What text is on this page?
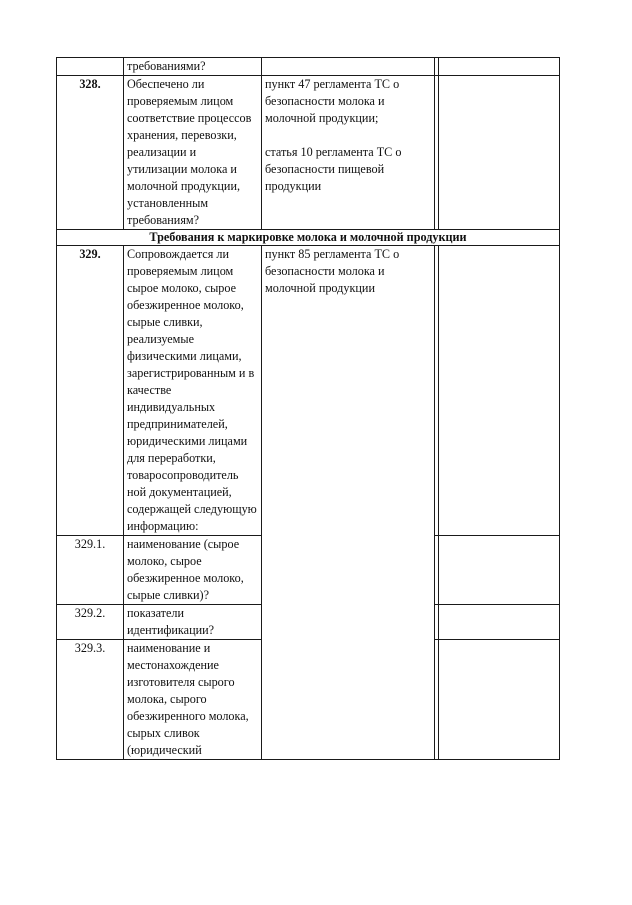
	требованиями?			
328.	Обеспечено ли проверяемым лицом соответствие процессов хранения, перевозки, реализации и утилизации молока и молочной продукции, установленным требованиям?	пункт 47 регламента ТС о безопасности молока и молочной продукции;

статья 10 регламента ТС о безопасности пищевой продукции		

Требования к маркировке молока и молочной продукции				
329.	Сопровождается ли проверяемым лицом сырое молоко, сырое обезжиренное молоко, сырые сливки, реализуемые физическими лицами, зарегистрированным и в качестве индивидуальных предпринимателей, юридическими лицами для переработки, товаросопроводитель ной документацией, содержащей следующую информацию:	пункт 85 регламента ТС о безопасности молока и молочной продукции		

329.1.	наименование (сырое молоко, сырое обезжиренное молоко, сырые сливки)?			
329.2.	показатели идентификации?			
329.3.	наименование и местонахождение изготовителя сырого молока, сырого обезжиренного молока, сырых сливок (юридический			
